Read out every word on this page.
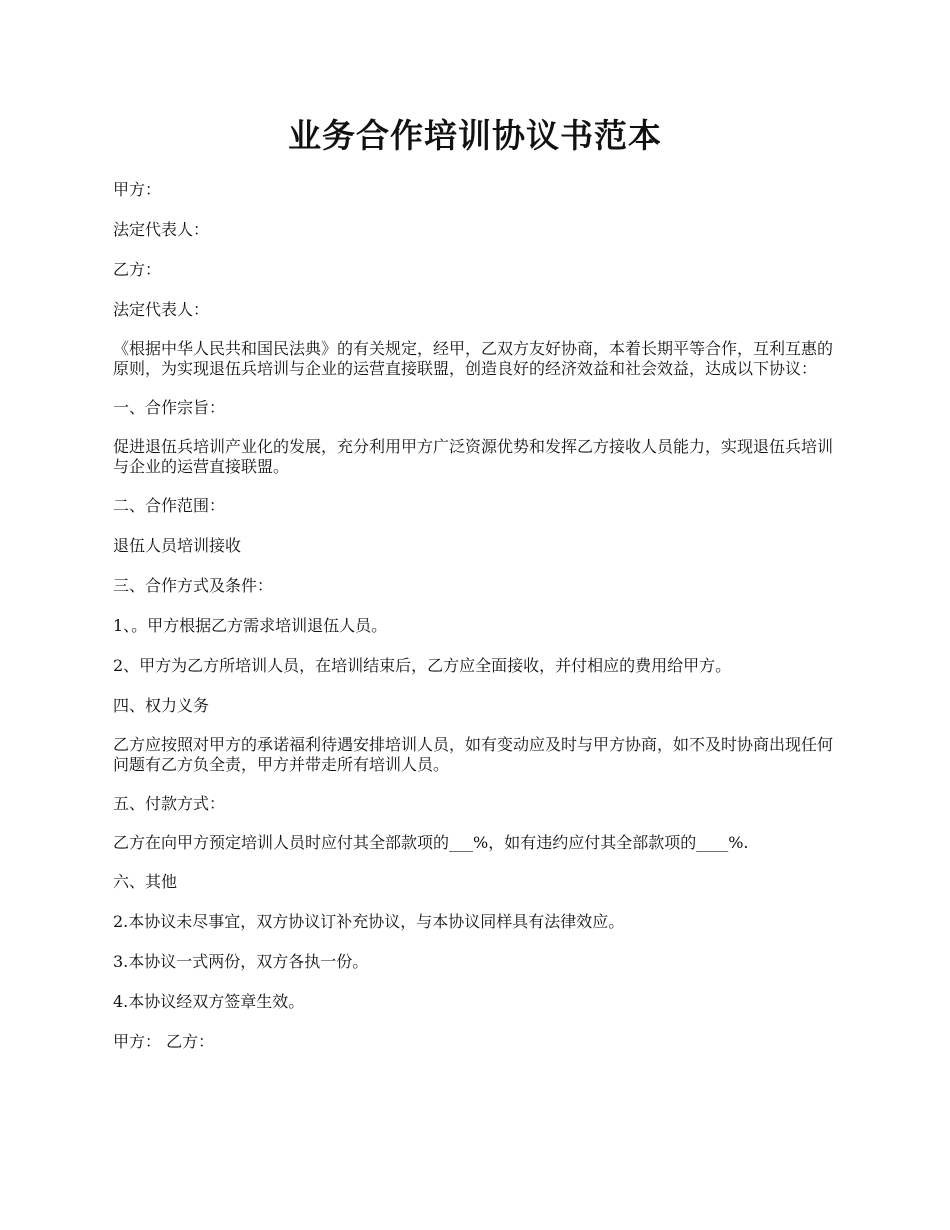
业务合作培训协议书范本

甲方：

法定代表人：

乙方：

法定代表人：

《根据中华人民共和国民法典》的有关规定，经甲，乙双方友好协商，本着长期平等合作，互利互惠的原则，为实现退伍兵培训与企业的运营直接联盟，创造良好的经济效益和社会效益，达成以下协议：

一、合作宗旨：

促进退伍兵培训产业化的发展，充分利用甲方广泛资源优势和发挥乙方接收人员能力，实现退伍兵培训与企业的运营直接联盟。

二、合作范围：

退伍人员培训接收

三、合作方式及条件：

1、。甲方根据乙方需求培训退伍人员。

2、甲方为乙方所培训人员，在培训结束后，乙方应全面接收，并付相应的费用给甲方。

四、权力义务

乙方应按照对甲方的承诺福利待遇安排培训人员，如有变动应及时与甲方协商，如不及时协商出现任何问题有乙方负全责，甲方并带走所有培训人员。

五、付款方式：

乙方在向甲方预定培训人员时应付其全部款项的___%，如有违约应付其全部款项的____%.

六、其他

2.本协议未尽事宜，双方协议订补充协议，与本协议同样具有法律效应。

3.本协议一式两份，双方各执一份。

4.本协议经双方签章生效。

甲方： 乙方：
